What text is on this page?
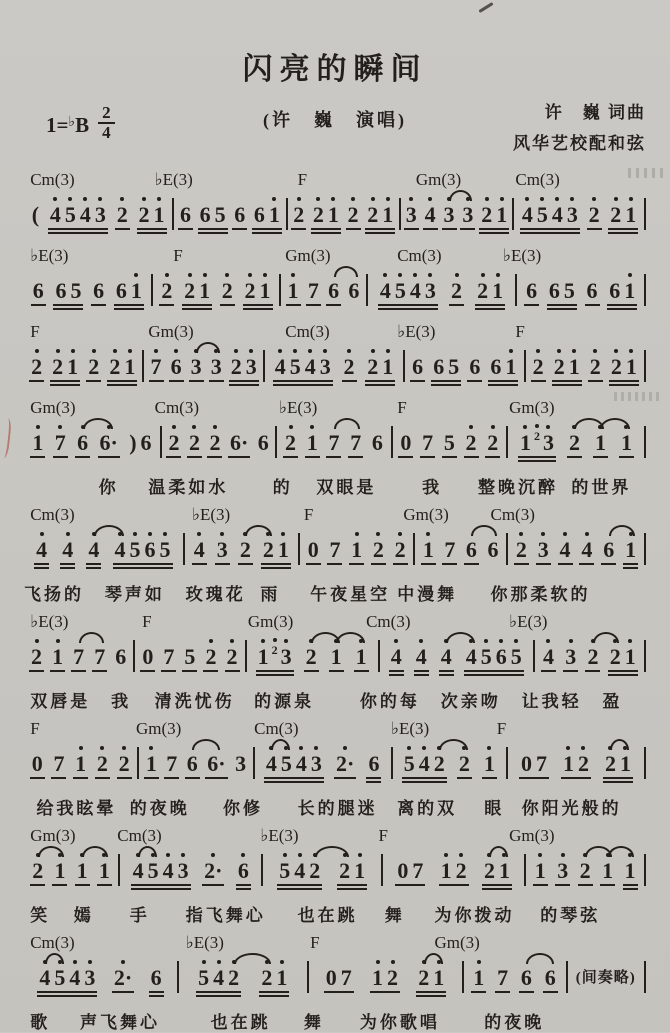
闪亮的瞬间
$1=^♭B \frac{2}{4}$	(许　巍　演唱)	许　巍 词曲
风华艺校配和弦
Cm(3)	♭E(3)	F	Gm(3)	Cm(3)
( 4 5 4 3 2 2 1 6 6 5 6 6 1 2 2 1 2 2 1 3 4 3 3 2 1 4 5 4 3 2 2 1
♭E(3)	F	Gm(3)	Cm(3)	♭E(3)
6 6 5 6 6 1 2 2 1 2 2 1 1 7 6 6 4 5 4 3 2 2 1 6 6 5 6 6 1
F	Gm(3)	Cm(3)	♭E(3)	F
2 2 1 2 2 1 7 6 3 3 2 3 4 5 4 3 2 2 1 6 6 5 6 6 1 2 2 1 2 2 1
Gm(3)	Cm(3)	♭E(3)	F	Gm(3)
1 7 6 6· ) 6 2 2 2 6· 6 2 1 7 7 6 0 7 5 2 2 1 2 3 2 1 1
你 温柔如水	的 双眼是	我 整晚沉醉 的世界
Cm(3)	♭E(3)	F	Gm(3) Cm(3)
4 4 4 4 5 6 5 4 3 2 2 1 0 7 1 2 2 1 7 6 6 2 3 4 4 6 1
飞扬的 琴声如 玫瑰花 雨 午夜星空 中漫舞 你那柔软的
♭E(3)	F	Gm(3)	Cm(3)	♭E(3)
2 1 7 7 6 0 7 5 2 2 1 2 3 2 1 1 4 4 4 4 5 6 5 4 3 2 2 1
双唇是 我 清洗忧伤 的源泉	你的每 次亲吻 让我轻 盈
F	Gm(3)	Cm(3)	♭E(3)	F
0 7 1 2 2 1 7 6 6· 3 4 5 4 3 2· 6 5 4 2 2 1 0 7 1 2 2 1
给我眩晕 的夜晚 你修 长的腿迷 离的双 眼 你阳光般的
Gm(3) Cm(3)	♭E(3)	F	Gm(3)
2 1 1 1 4 5 4 3 2· 6 5 4 2 2 1 0 7 1 2 2 1 1 3 2 1 1
笑 嫣 手 指飞舞心 也在跳 舞 为你拨动 的琴弦
Cm(3)	♭E(3)	F	Gm(3)
4 5 4 3 2· 6 5 4 2 2 1 0 7 1 2 2 1 1 7 6 6 (间奏略)
歌 声飞舞心	也在跳 舞 为你歌唱	的夜晚
